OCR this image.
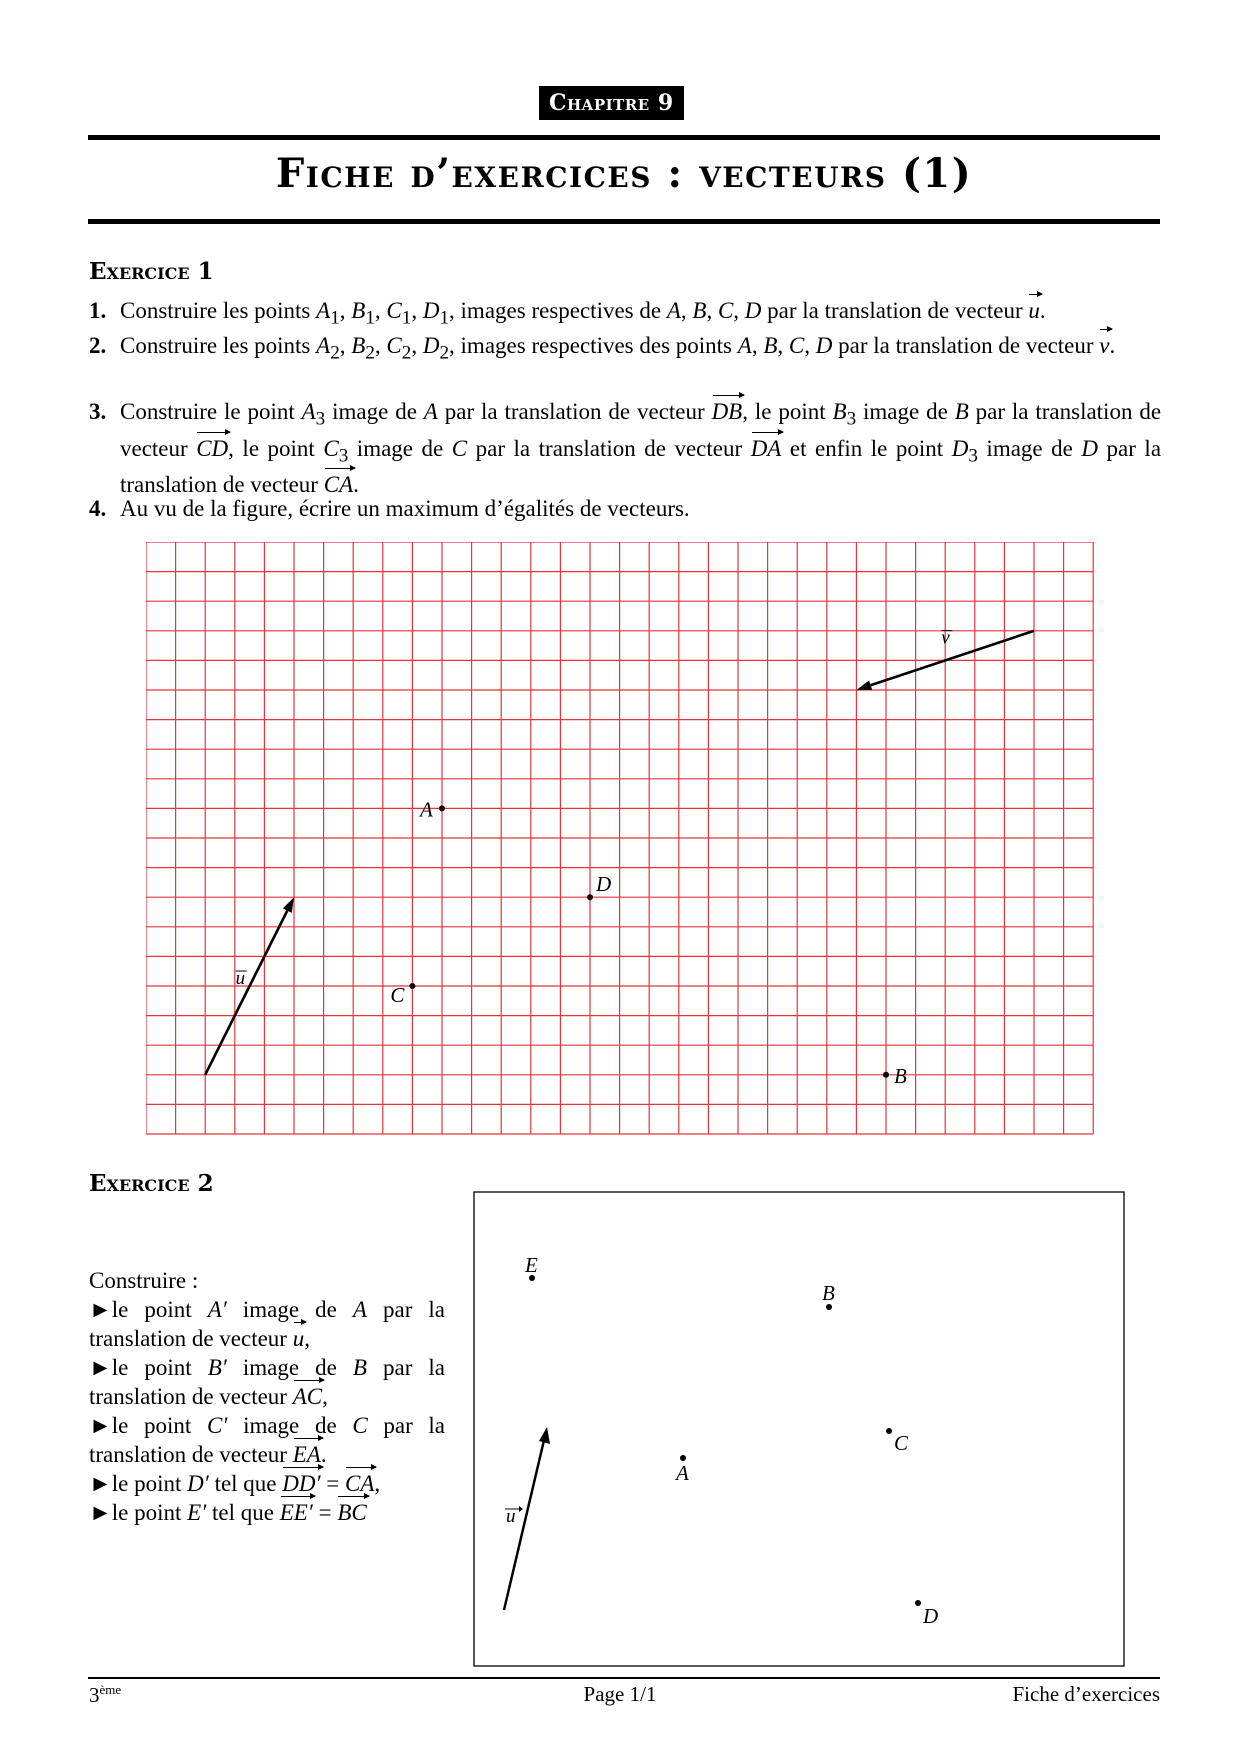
Chapitre 9
Fiche d’exercices : vecteurs (1)
Exercice 1
1. Construire les points $A_1$, $B_1$, $C_1$, $D_1$, images respectives de A, B, C, D par la translation de vecteur u.
2. Construire les points $A_2$, $B_2$, $C_2$, $D_2$, images respectives des points A, B, C, D par la translation de vecteur v.
3. Construire le point $A_3$ image de A par la translation de vecteur DB, le point $B_3$ image de B par la translation de vecteur CD, le point $C_3$ image de C par la translation de vecteur DA et enfin le point $D_3$ image de D par la translation de vecteur CA.
4. Au vu de la figure, écrire un maximum d’égalités de vecteurs.
A
D
C
B
u
v
Exercice 2
Construire :
►le point A′ image de A par la
translation de vecteur u,
►le point B′ image de B par la
translation de vecteur AC,
►le point C′ image de C par la
translation de vecteur EA.
►le point D′ tel que DD′ = CA,
►le point E′ tel que EE′ = BC
E
B
C
A
D
u
3ème	Page 1/1	Fiche d’exercices
